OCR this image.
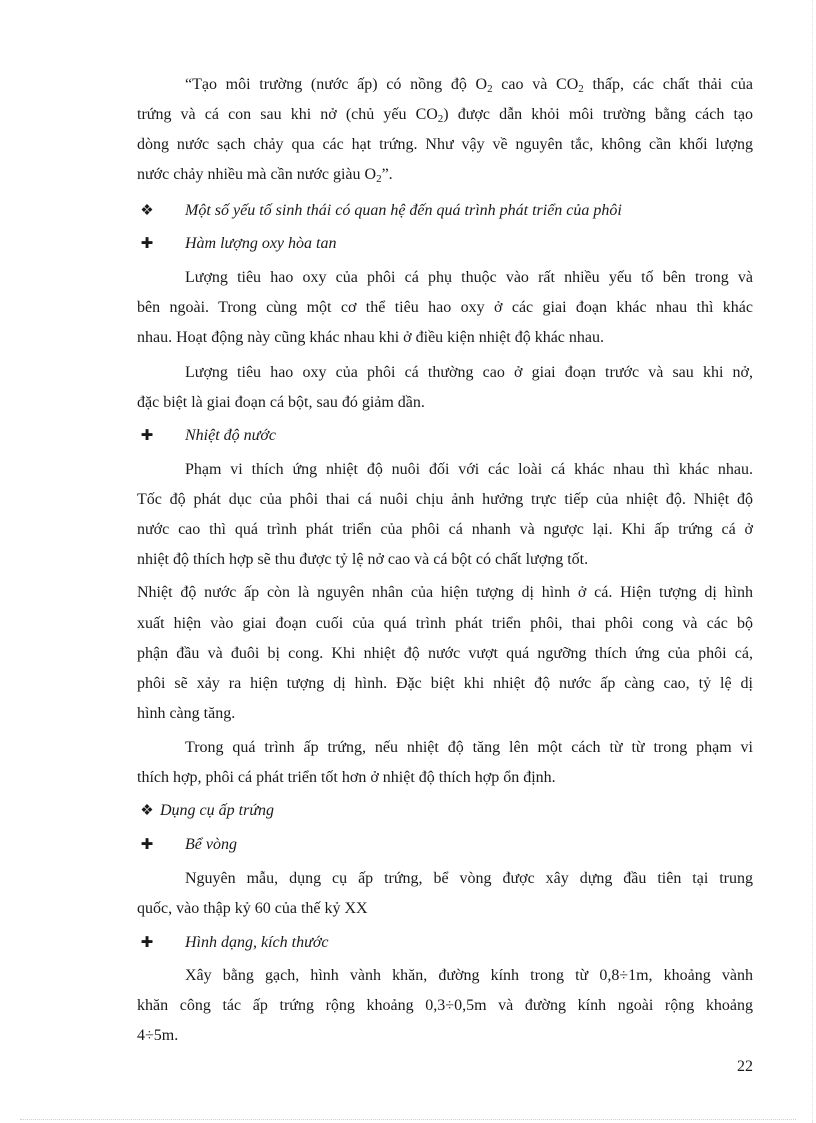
“Tạo môi trường (nước ấp) có nồng độ $O_2$ cao và $CO_2$ thấp, các chất thải của
trứng và cá con sau khi nở (chủ yếu $CO_2$) được dẫn khỏi môi trường bằng cách tạo
dòng nước sạch chảy qua các hạt trứng. Như vậy về nguyên tắc, không cần khối lượng
nước chảy nhiều mà cần nước giàu $O_2$”.
❖ Một số yếu tố sinh thái có quan hệ đến quá trình phát triển của phôi
✚ Hàm lượng oxy hòa tan
Lượng tiêu hao oxy của phôi cá phụ thuộc vào rất nhiều yếu tố bên trong và
bên ngoài. Trong cùng một cơ thể tiêu hao oxy ở các giai đoạn khác nhau thì khác
nhau. Hoạt động này cũng khác nhau khi ở điều kiện nhiệt độ khác nhau.
Lượng tiêu hao oxy của phôi cá thường cao ở giai đoạn trước và sau khi nở,
đặc biệt là giai đoạn cá bột, sau đó giảm dần.
✚ Nhiệt độ nước
Phạm vi thích ứng nhiệt độ nuôi đối với các loài cá khác nhau thì khác nhau.
Tốc độ phát dục của phôi thai cá nuôi chịu ảnh hưởng trực tiếp của nhiệt độ. Nhiệt độ
nước cao thì quá trình phát triển của phôi cá nhanh và ngược lại. Khi ấp trứng cá ở
nhiệt độ thích hợp sẽ thu được tỷ lệ nở cao và cá bột có chất lượng tốt.
Nhiệt độ nước ấp còn là nguyên nhân của hiện tượng dị hình ở cá. Hiện tượng dị hình
xuất hiện vào giai đoạn cuối của quá trình phát triển phôi, thai phôi cong và các bộ
phận đầu và đuôi bị cong. Khi nhiệt độ nước vượt quá ngưỡng thích ứng của phôi cá,
phôi sẽ xảy ra hiện tượng dị hình. Đặc biệt khi nhiệt độ nước ấp càng cao, tỷ lệ dị
hình càng tăng.
Trong quá trình ấp trứng, nếu nhiệt độ tăng lên một cách từ từ trong phạm vi
thích hợp, phôi cá phát triển tốt hơn ở nhiệt độ thích hợp ổn định.
❖ Dụng cụ ấp trứng
✚ Bể vòng
Nguyên mẫu, dụng cụ ấp trứng, bể vòng được xây dựng đầu tiên tại trung
quốc, vào thập kỷ 60 của thế kỷ XX
✚ Hình dạng, kích thước
Xây bằng gạch, hình vành khăn, đường kính trong từ 0,8÷1m, khoảng vành
khăn công tác ấp trứng rộng khoảng 0,3÷0,5m và đường kính ngoài rộng khoảng
4÷5m.
22
